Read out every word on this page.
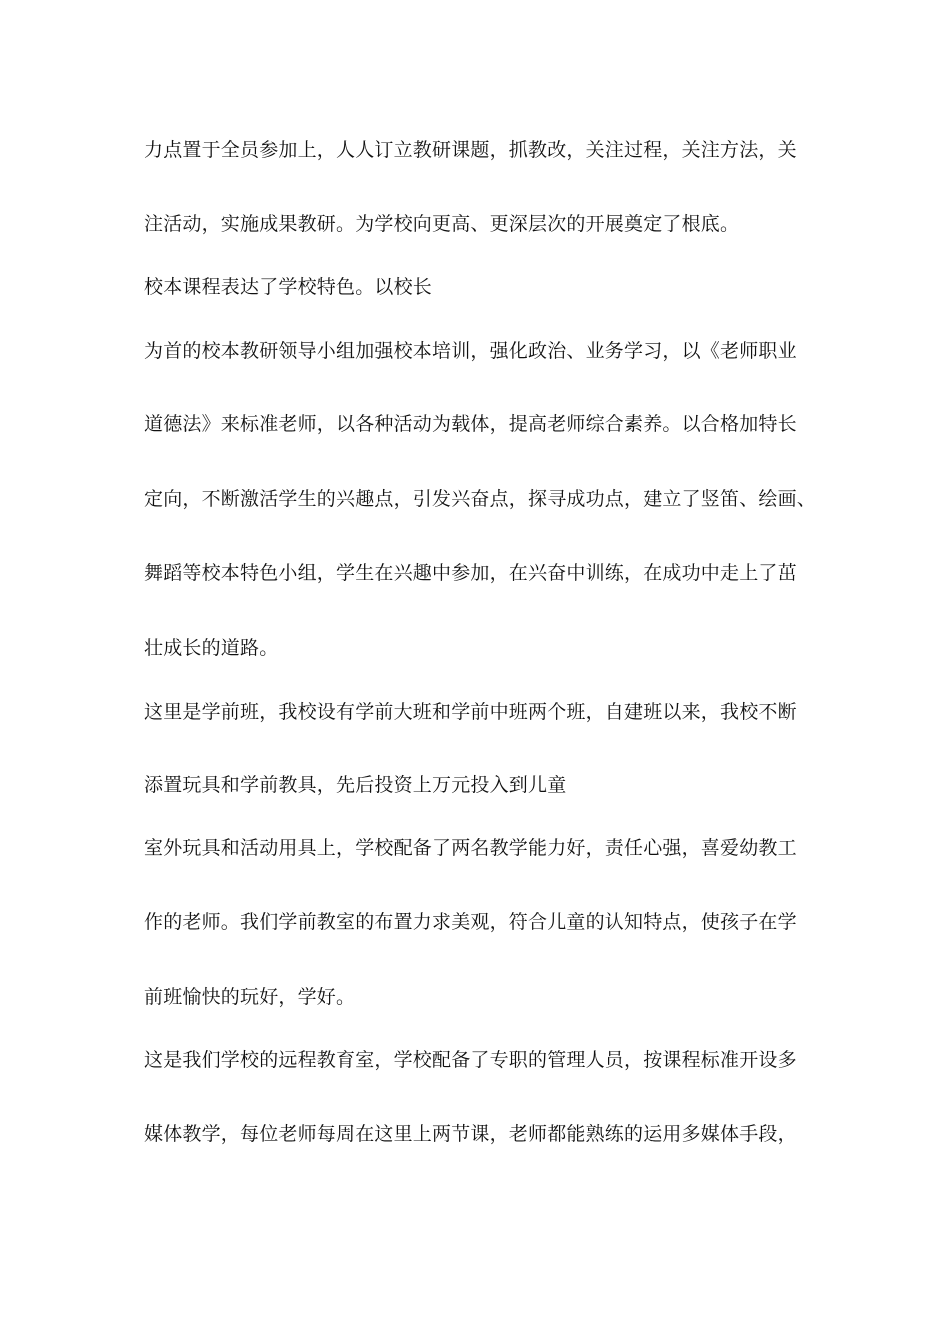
力点置于全员参加上，人人订立教研课题，抓教改，关注过程，关注方法，关
注活动，实施成果教研。为学校向更高、更深层次的开展奠定了根底。
校本课程表达了学校特色。以校长
为首的校本教研领导小组加强校本培训，强化政治、业务学习，以《老师职业
道德法》来标准老师，以各种活动为载体，提高老师综合素养。以合格加特长
定向，不断激活学生的兴趣点，引发兴奋点，探寻成功点，建立了竖笛、绘画、
舞蹈等校本特色小组，学生在兴趣中参加，在兴奋中训练，在成功中走上了茁
壮成长的道路。
这里是学前班，我校设有学前大班和学前中班两个班，自建班以来，我校不断
添置玩具和学前教具，先后投资上万元投入到儿童
室外玩具和活动用具上，学校配备了两名教学能力好，责任心强，喜爱幼教工
作的老师。我们学前教室的布置力求美观，符合儿童的认知特点，使孩子在学
前班愉快的玩好，学好。
这是我们学校的远程教育室，学校配备了专职的管理人员，按课程标准开设多
媒体教学，每位老师每周在这里上两节课，老师都能熟练的运用多媒体手段，
